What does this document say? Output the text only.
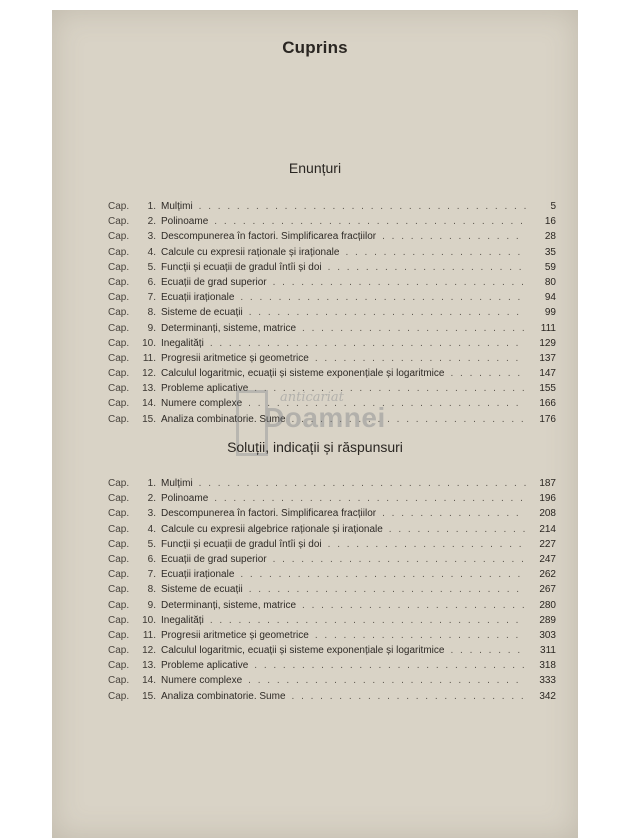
Cuprins
Enunțuri
Cap.	1. Mulțimi . . .	5
Cap.	2. Polinoame . . .	16
Cap.	3. Descompunerea în factori. Simplificarea fracțiilor . . .	28
Cap.	4. Calcule cu expresii raționale și iraționale . . .	35
Cap.	5. Funcții și ecuații de gradul întîi și doi . . .	59
Cap.	6. Ecuații de grad superior . . .	80
Cap.	7. Ecuații iraționale . . .	94
Cap.	8. Sisteme de ecuații . . .	99
Cap.	9. Determinanți, sisteme, matrice . . .	111
Cap.	10. Inegalități . . .	129
Cap.	11. Progresii aritmetice și geometrice . . .	137
Cap.	12. Calculul logaritmic, ecuații și sisteme exponențiale și logaritmice . . .	147
Cap.	13. Probleme aplicative . . .	155
Cap.	14. Numere complexe . . .	166
Cap.	15. Analiza combinatorie. Sume . . .	176
anticariat
Doamnei
Soluții, indicații și răspunsuri
Cap.	1. Mulțimi . . .	187
Cap.	2. Polinoame . . .	196
Cap.	3. Descompunerea în factori. Simplificarea fracțiilor . . .	208
Cap.	4. Calcule cu expresii algebrice raționale și iraționale . . .	214
Cap.	5. Funcții și ecuații de gradul întîi și doi . . .	227
Cap.	6. Ecuații de grad superior . . .	247
Cap.	7. Ecuații iraționale . . .	262
Cap.	8. Sisteme de ecuații . . .	267
Cap.	9. Determinanți, sisteme, matrice . . .	280
Cap.	10. Inegalități . . .	289
Cap.	11. Progresii aritmetice și geometrice . . .	303
Cap.	12. Calculul logaritmic, ecuații și sisteme exponențiale și logaritmice . . .	311
Cap.	13. Probleme aplicative . . .	318
Cap.	14. Numere complexe . . .	333
Cap.	15. Analiza combinatorie. Sume . . .	342
